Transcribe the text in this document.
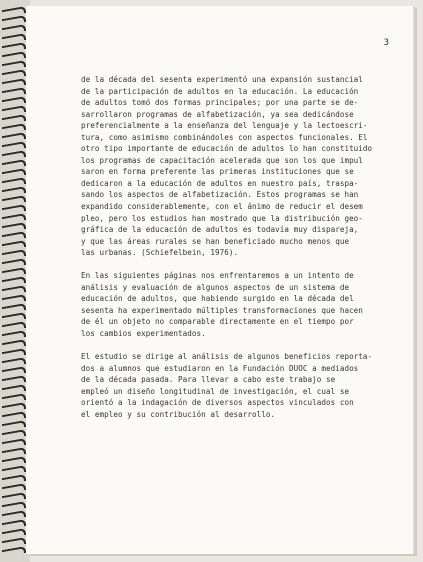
3

de la década del sesenta experimentó una expansión sustancial
de la participación de adultos en la educación. La educación
de adultos tomó dos formas principales; por una parte se de-
sarrollaron programas de alfabetización, ya sea dedicándose
preferencialmente a la enseñanza del lenguaje y la lectoescri-
tura, como asimismo combinándoles con aspectos funcionales. El
otro tipo importante de educación de adultos lo han constituido
los programas de capacitación acelerada que son los que impul
saron en forma preferente las primeras instituciones que se
dedicaron a la educación de adultos en nuestro país, traspa-
sando los aspectos de alfabetización. Estos programas se han
expandido considerablemente, con el ánimo de reducir el desem
pleo, pero los estudios han mostrado que la distribución geo-
gráfica de la educación de adultos es todavía muy dispareja,
y que las áreas rurales se han beneficiado mucho menos que
las urbanas. (Schiefelbein, 1976).

En las siguientes páginas nos enfrentaremos a un intento de
análisis y evaluación de algunos aspectos de un sistema de
educación de adultos, que habiendo surgido en la década del
sesenta ha experimentado múltiples transformaciones que hacen
de él un objeto no comparable directamente en el tiempo por
los cambios experimentados.

El estudio se dirige al análisis de algunos beneficios reporta-
dos a alumnos que estudiaron en la Fundación DUOC a mediados
de la década pasada. Para llevar a cabo este trabajo se
empleó un diseño longitudinal de investigación, el cual se
orientó a la indagación de diversos aspectos vinculados con
el empleo y su contribución al desarrollo.
